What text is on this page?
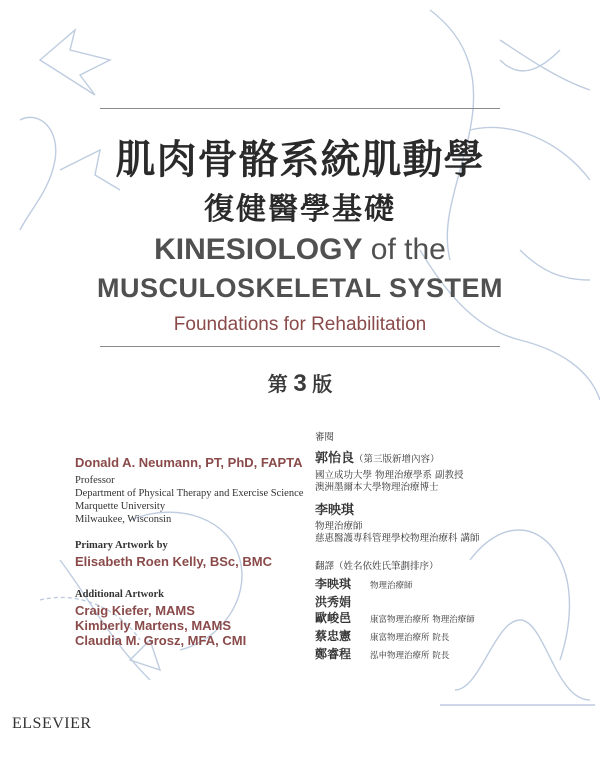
肌肉骨骼系統肌動學
復健醫學基礎
KINESIOLOGY of the
MUSCULOSKELETAL SYSTEM
Foundations for Rehabilitation
第 3 版
Donald A. Neumann, PT, PhD, FAPTA
Professor
Department of Physical Therapy and Exercise Science
Marquette University
Milwaukee, Wisconsin
Primary Artwork by
Elisabeth Roen Kelly, BSc, BMC
Additional Artwork
Craig Kiefer, MAMS
Kimberly Martens, MAMS
Claudia M. Grosz, MFA, CMI
審閱
郭怡良（第三版新增內容）
國立成功大學 物理治療學系 副教授
澳洲墨爾本大學物理治療博士
李映琪
物理治療師
慈惠醫護專科管理學校物理治療科 講師
翻譯（姓名依姓氏筆劃排序）
李映琪	物理治療師
洪秀娟
歐峻邑	康富物理治療所 物理治療師
蔡忠憲	康富物理治療所 院長
鄭睿程	泓申物理治療所 院長
ELSEVIER
